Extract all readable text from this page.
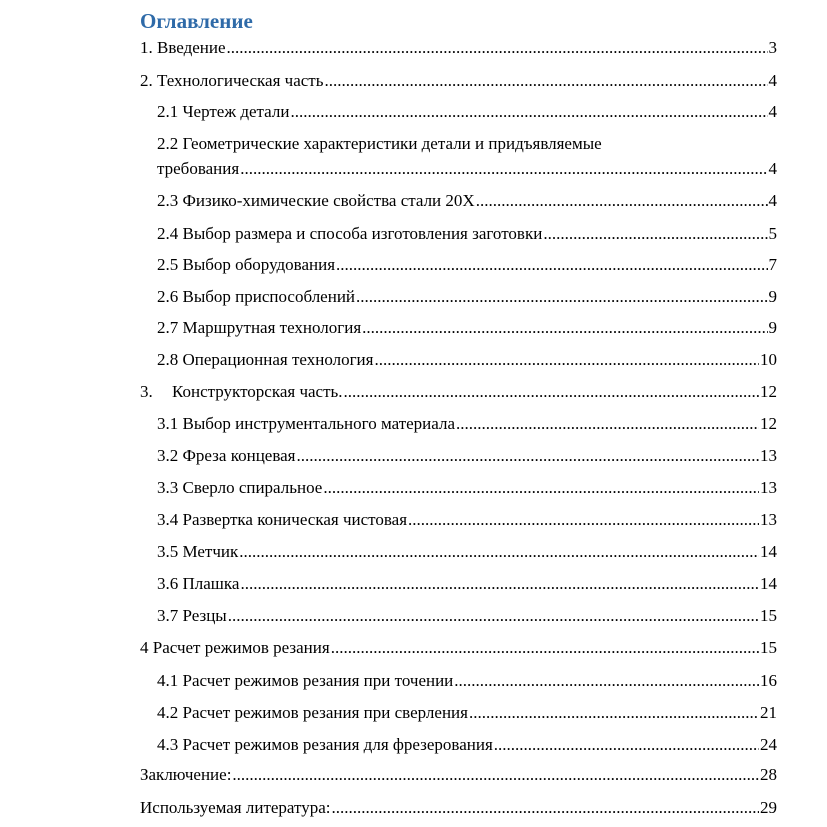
Оглавление
1. Введение .....	3
2. Технологическая часть .....	4
2.1 Чертеж детали .....	4
2.2 Геометрические характеристики детали и придъявляемые
требования .....	4
2.3 Физико-химические свойства стали 20Х .....	4
2.4 Выбор размера и способа изготовления заготовки .....	5
2.5 Выбор оборудования .....	7
2.6 Выбор приспособлений .....	9
2.7 Маршрутная технология .....	9
2.8 Операционная технология .....	10
3. Конструкторская часть. .....	12
3.1 Выбор инструментального материала .....	12
3.2 Фреза концевая .....	13
3.3 Сверло спиральное .....	13
3.4 Развертка коническая чистовая .....	13
3.5 Метчик .....	14
3.6 Плашка .....	14
3.7 Резцы .....	15
4 Расчет режимов резания .....	15
4.1 Расчет режимов резания при точении .....	16
4.2 Расчет режимов резания при сверления .....	21
4.3 Расчет режимов резания для фрезерования .....	24
Заключение: .....	28
Используемая литература: .....	29
